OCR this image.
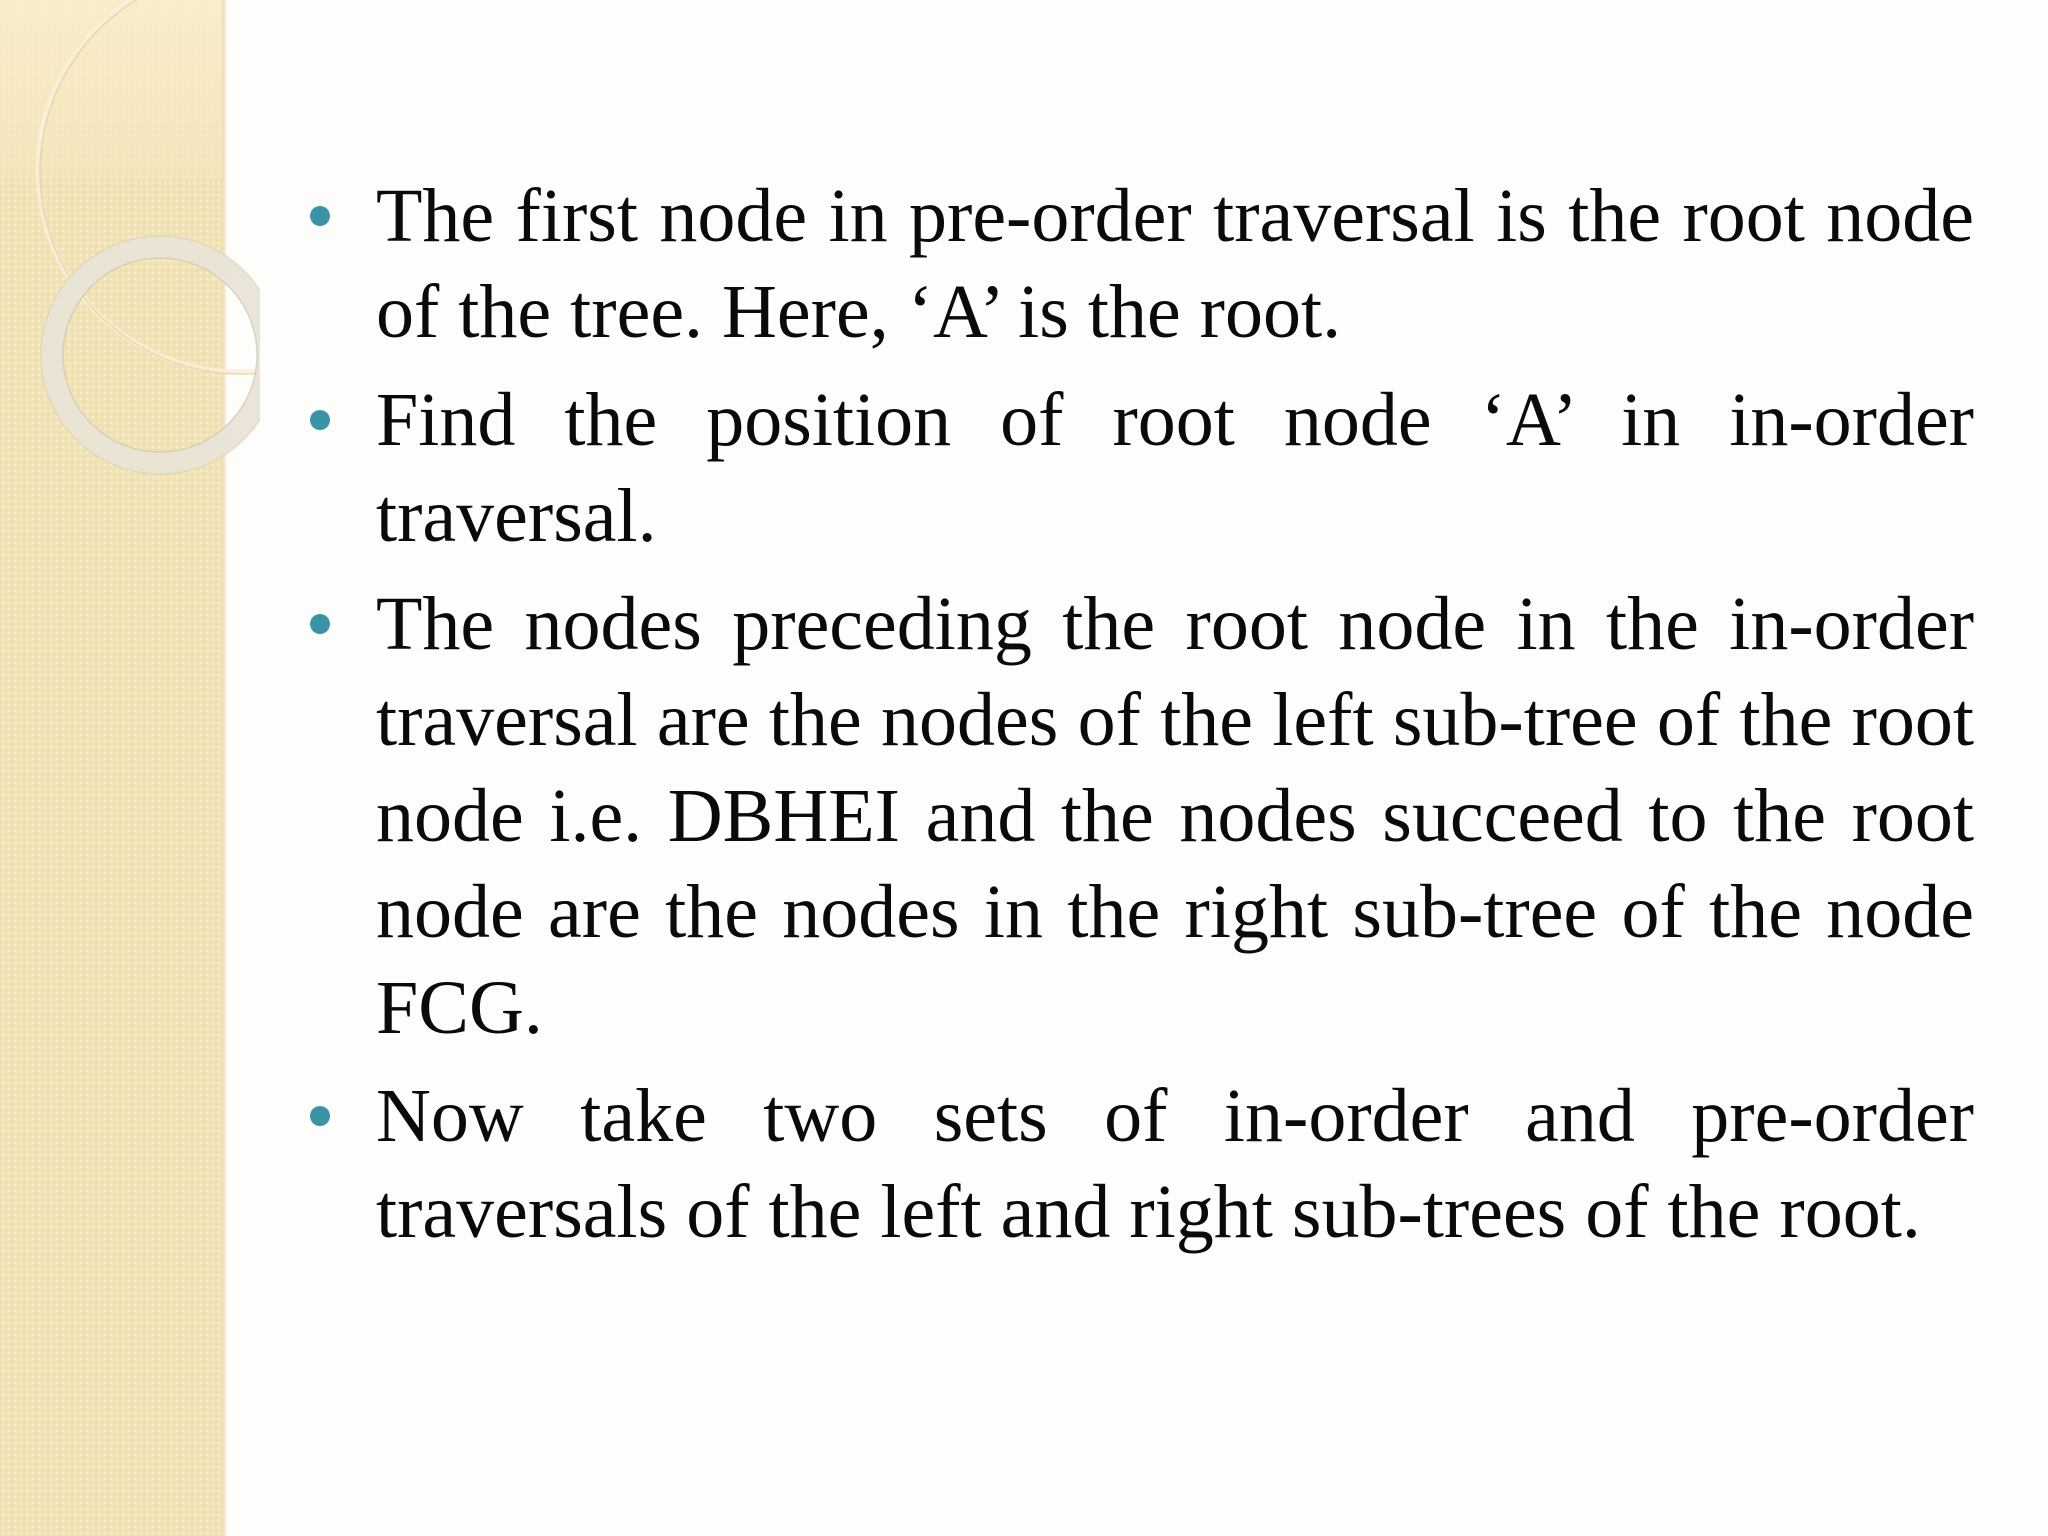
The first node in pre-order traversal is the root node of the tree. Here, ‘A’ is the root.
Find the position of root node ‘A’ in in-order traversal.
The nodes preceding the root node in the in-order traversal are the nodes of the left sub-tree of the root node i.e. DBHEI and the nodes succeed to the root node are the nodes in the right sub-tree of the node FCG.
Now take two sets of in-order and pre-order traversals of the left and right sub-trees of the root.
